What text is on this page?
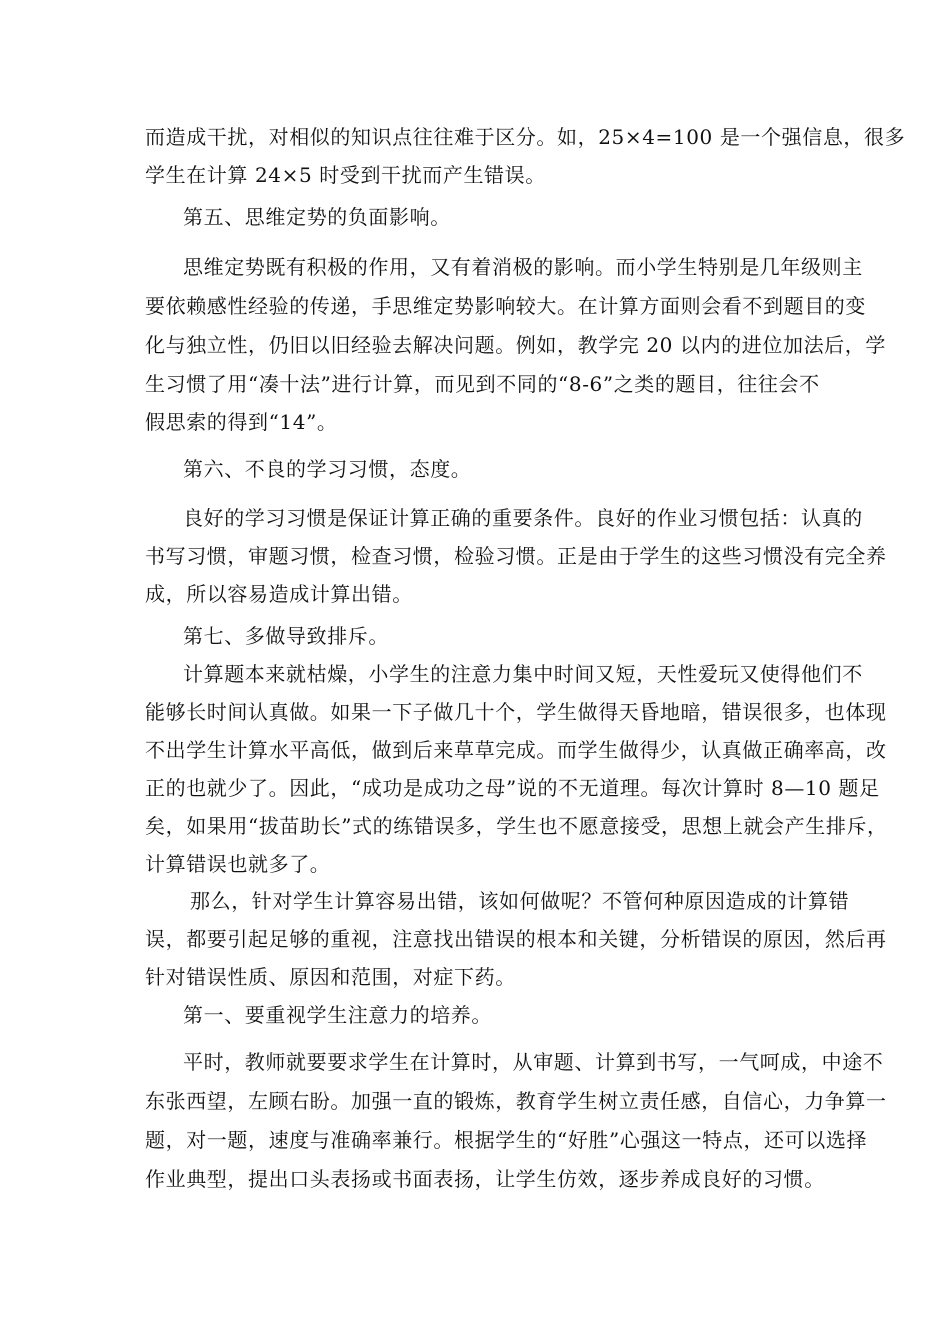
而造成干扰，对相似的知识点往往难于区分。如，25×4=100 是一个强信息，很多
学生在计算 24×5 时受到干扰而产生错误。
第五、思维定势的负面影响。
思维定势既有积极的作用，又有着消极的影响。而小学生特别是几年级则主
要依赖感性经验的传递，手思维定势影响较大。在计算方面则会看不到题目的变
化与独立性，仍旧以旧经验去解决问题。例如，教学完 20 以内的进位加法后，学
生习惯了用“凑十法”进行计算，而见到不同的“8-6”之类的题目，往往会不
假思索的得到“14”。
第六、不良的学习习惯，态度。
良好的学习习惯是保证计算正确的重要条件。良好的作业习惯包括：认真的
书写习惯，审题习惯，检查习惯，检验习惯。正是由于学生的这些习惯没有完全养
成，所以容易造成计算出错。
第七、多做导致排斥。
计算题本来就枯燥，小学生的注意力集中时间又短，天性爱玩又使得他们不
能够长时间认真做。如果一下子做几十个，学生做得天昏地暗，错误很多，也体现
不出学生计算水平高低，做到后来草草完成。而学生做得少，认真做正确率高，改
正的也就少了。因此，“成功是成功之母”说的不无道理。每次计算时 8—10 题足
矣，如果用“拔苗助长”式的练错误多，学生也不愿意接受，思想上就会产生排斥，
计算错误也就多了。
那么，针对学生计算容易出错，该如何做呢？不管何种原因造成的计算错
误，都要引起足够的重视，注意找出错误的根本和关键，分析错误的原因，然后再
针对错误性质、原因和范围，对症下药。
第一、要重视学生注意力的培养。
平时，教师就要要求学生在计算时，从审题、计算到书写，一气呵成，中途不
东张西望，左顾右盼。加强一直的锻炼，教育学生树立责任感，自信心，力争算一
题，对一题，速度与准确率兼行。根据学生的“好胜”心强这一特点，还可以选择
作业典型，提出口头表扬或书面表扬，让学生仿效，逐步养成良好的习惯。
